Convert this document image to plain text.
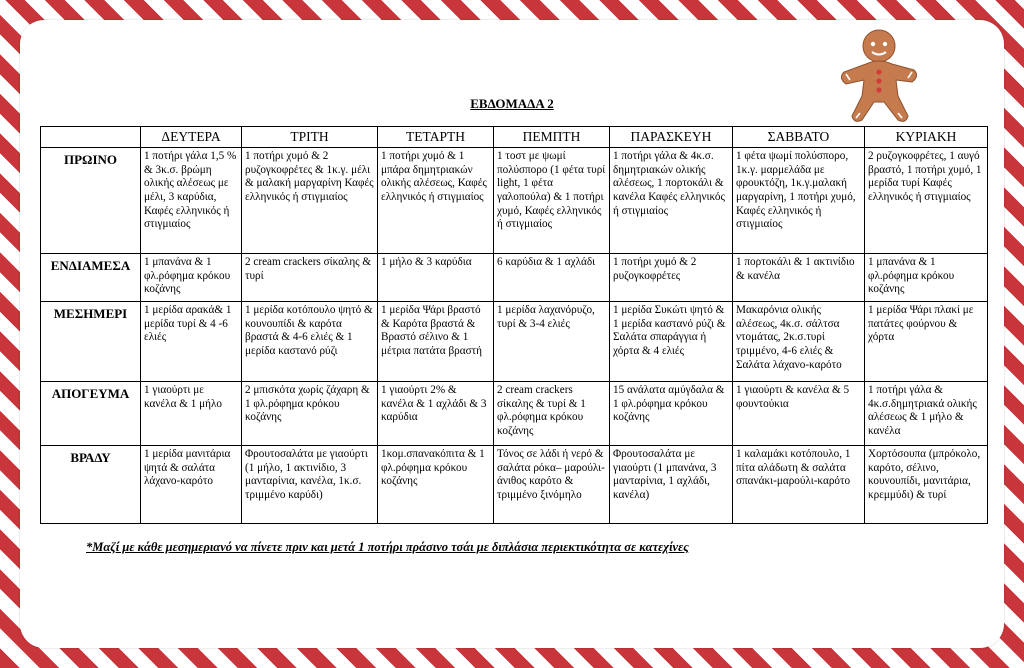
ΕΒΔΟΜΑΔΑ 2
	ΔΕΥΤΕΡΑ	ΤΡΙΤΗ	ΤΕΤΑΡΤΗ	ΠΕΜΠΤΗ	ΠΑΡΑΣΚΕΥΗ	ΣΑΒΒΑΤΟ	ΚΥΡΙΑΚΗ
ΠΡΩΙΝΟ	1 ποτήρι γάλα 1,5 % & 3κ.σ. βρώμη ολικής αλέσεως με μέλι, 3 καρύδια, Καφές ελληνικός ή στιγμιαίος	1 ποτήρι χυμό & 2 ρυζογκοφρέτες & 1κ.γ. μέλι & μαλακή μαργαρίνη Καφές ελληνικός ή στιγμιαίος	1 ποτήρι χυμό & 1 μπάρα δημητριακών ολικής αλέσεως, Καφές ελληνικός ή στιγμιαίος	1 τοστ με ψωμί πολύσπορο (1 φέτα τυρί light, 1 φέτα γαλοπούλα) & 1 ποτήρι χυμό, Καφές ελληνικός ή στιγμιαίος	1 ποτήρι γάλα & 4κ.σ. δημητριακών ολικής αλέσεως, 1 πορτοκάλι & κανέλα Καφές ελληνικός ή στιγμιαίος	1 φέτα ψωμί πολύσπορο, 1κ.γ. μαρμελάδα με φρουκτόζη, 1κ.γ.μαλακή μαργαρίνη, 1 ποτήρι χυμό, Καφές ελληνικός ή στιγμιαίος	2 ρυζογκοφρέτες, 1 αυγό βραστό, 1 ποτήρι χυμό, 1 μερίδα τυρί Καφές ελληνικός ή στιγμιαίος
ΕΝΔΙΑΜΕΣΑ	1 μπανάνα & 1 φλ.ρόφημα κρόκου κοζάνης	2 cream crackers σίκαλης & τυρί	1 μήλο & 3 καρύδια	6 καρύδια & 1 αχλάδι	1 ποτήρι χυμό & 2 ρυζογκοφρέτες	1 πορτοκάλι & 1 ακτινίδιο & κανέλα	1 μπανάνα & 1 φλ.ρόφημα κρόκου κοζάνης
ΜΕΣΗΜΕΡΙ	1 μερίδα αρακά& 1 μερίδα τυρί & 4 -6 ελιές	1 μερίδα κοτόπουλο ψητό & κουνουπίδι & καρότα βραστά & 4-6 ελιές & 1 μερίδα καστανό ρύζι	1 μερίδα Ψάρι βραστό & Καρότα βραστά & Βραστό σέλινο & 1 μέτρια πατάτα βραστή	1 μερίδα λαχανόρυζο, τυρί & 3-4 ελιές	1 μερίδα Συκώτι ψητό & 1 μερίδα καστανό ρύζι & Σαλάτα σπαράγγια ή χόρτα & 4 ελιές	Μακαρόνια ολικής αλέσεως, 4κ.σ. σάλτσα ντομάτας, 2κ.σ.τυρί τριμμένο, 4-6 ελιές & Σαλάτα λάχανο-καρότο	1 μερίδα Ψάρι πλακί με πατάτες φούρνου & χόρτα
ΑΠΟΓΕΥΜΑ	1 γιαούρτι με κανέλα & 1 μήλο	2 μπισκότα χωρίς ζάχαρη & 1 φλ.ρόφημα κρόκου κοζάνης	1 γιαούρτι 2% & κανέλα & 1 αχλάδι & 3 καρύδια	2 cream crackers σίκαλης & τυρί & 1 φλ.ρόφημα κρόκου κοζάνης	15 ανάλατα αμύγδαλα & 1 φλ.ρόφημα κρόκου κοζάνης	1 γιαούρτι & κανέλα & 5 φουντούκια	1 ποτήρι γάλα & 4κ.σ.δημητριακά ολικής αλέσεως & 1 μήλο & κανέλα
ΒΡΑΔΥ	1 μερίδα μανιτάρια ψητά & σαλάτα λάχανο-καρότο	Φρουτοσαλάτα με γιαούρτι (1 μήλο, 1 ακτινίδιο, 3 μανταρίνια, κανέλα, 1κ.σ. τριμμένο καρύδι)	1κομ.σπανακόπιτα & 1 φλ.ρόφημα κρόκου κοζάνης	Τόνος σε λάδι ή νερό & σαλάτα ρόκα– μαρούλι- άνιθος καρότο & τριμμένο ξινόμηλο	Φρουτοσαλάτα με γιαούρτι (1 μπανάνα, 3 μανταρίνια, 1 αχλάδι, κανέλα)	1 καλαμάκι κοτόπουλο, 1 πίτα αλάδωτη & σαλάτα σπανάκι-μαρούλι-καρότο	Χορτόσουπα (μπρόκολο, καρότο, σέλινο, κουνουπίδι, μανιτάρια, κρεμμύδι) & τυρί
*Μαζί με κάθε μεσημεριανό να πίνετε πριν και μετά 1 ποτήρι πράσινο τσάι με διπλάσια περιεκτικότητα σε κατεχίνες
